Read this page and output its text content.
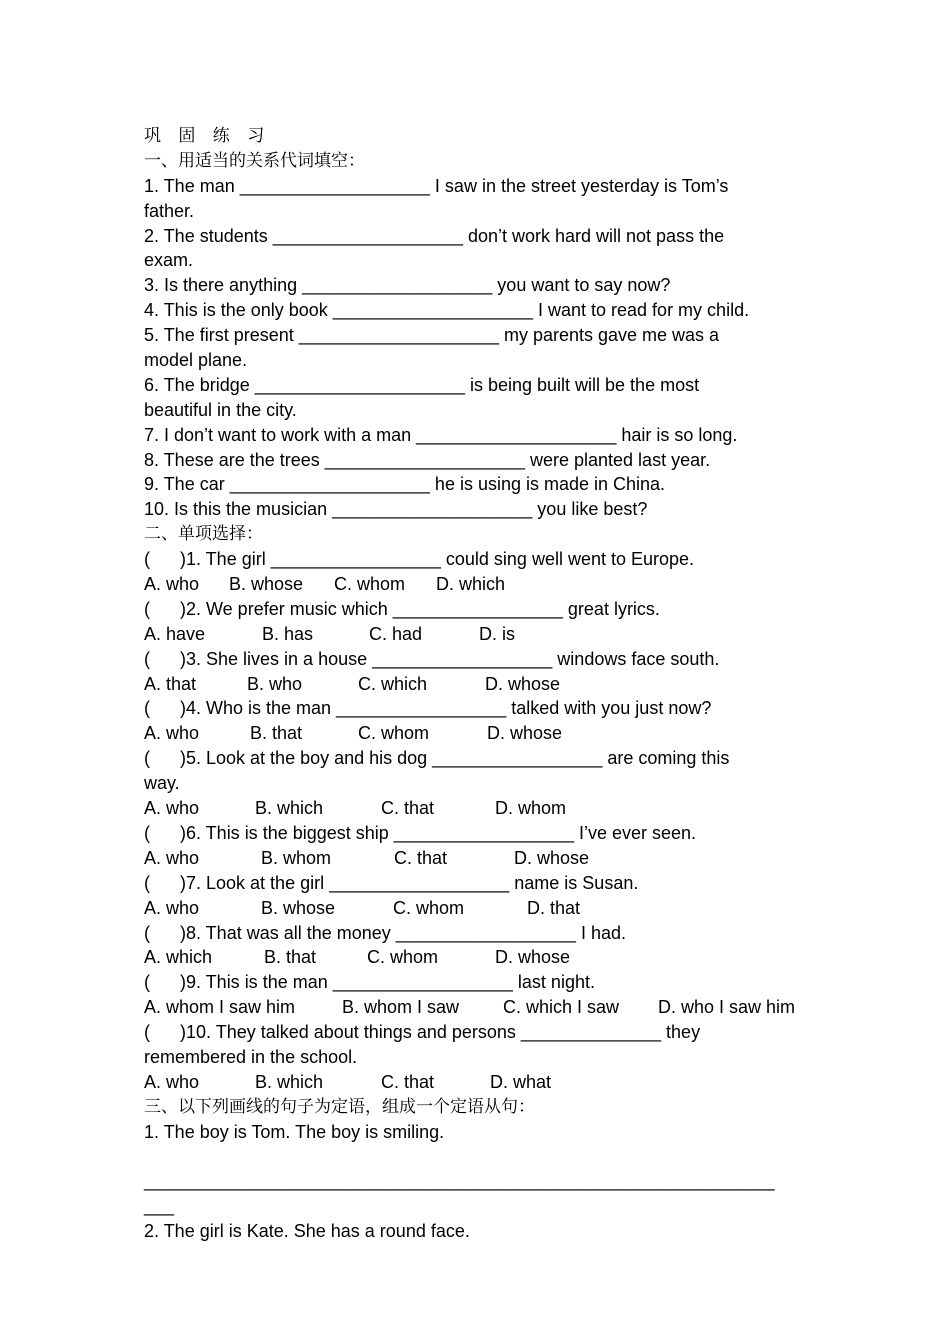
巩 固 练 习
一、用适当的关系代词填空：
1. The man ___________________ I saw in the street yesterday is Tom’s
father.
2. The students ___________________ don’t work hard will not pass the
exam.
3. Is there anything ___________________ you want to say now?
4. This is the only book ____________________ I want to read for my child.
5. The first present ____________________ my parents gave me was a
model plane.
6. The bridge _____________________ is being built will be the most
beautiful in the city.
7. I don’t want to work with a man ____________________ hair is so long.
8. These are the trees ____________________ were planted last year.
9. The car ____________________ he is using is made in China.
10. Is this the musician ____________________ you like best?
二、单项选择：
(      )1. The girl _________________ could sing well went to Europe.
A. who B. whose C. whom D. which
(      )2. We prefer music which _________________ great lyrics.
A. have	B. has	C. had	D. is
(      )3. She lives in a house __________________ windows face south.
A. that	B. who	C. which	D. whose
(      )4. Who is the man _________________ talked with you just now?
A. who	B. that	C. whom	D. whose
(      )5. Look at the boy and his dog _________________ are coming this
way.
A. who	B. which	C. that	D. whom
(      )6. This is the biggest ship __________________ I’ve ever seen.
A. who	B. whom	C. that	D. whose
(      )7. Look at the girl __________________ name is Susan.
A. who	B. whose	C. whom	D. that
(      )8. That was all the money __________________ I had.
A. which	B. that	C. whom	D. whose
(      )9. This is the man __________________ last night.
A. whom I saw him	B. whom I saw C. which I saw D. who I saw him
(      )10. They talked about things and persons ______________ they
remembered in the school.
A. who	B. which	C. that	D. what
三、以下列画线的句子为定语，组成一个定语从句：
1. The boy is Tom. The boy is smiling.
_______________________________________________________________
___
2. The girl is Kate. She has a round face.
